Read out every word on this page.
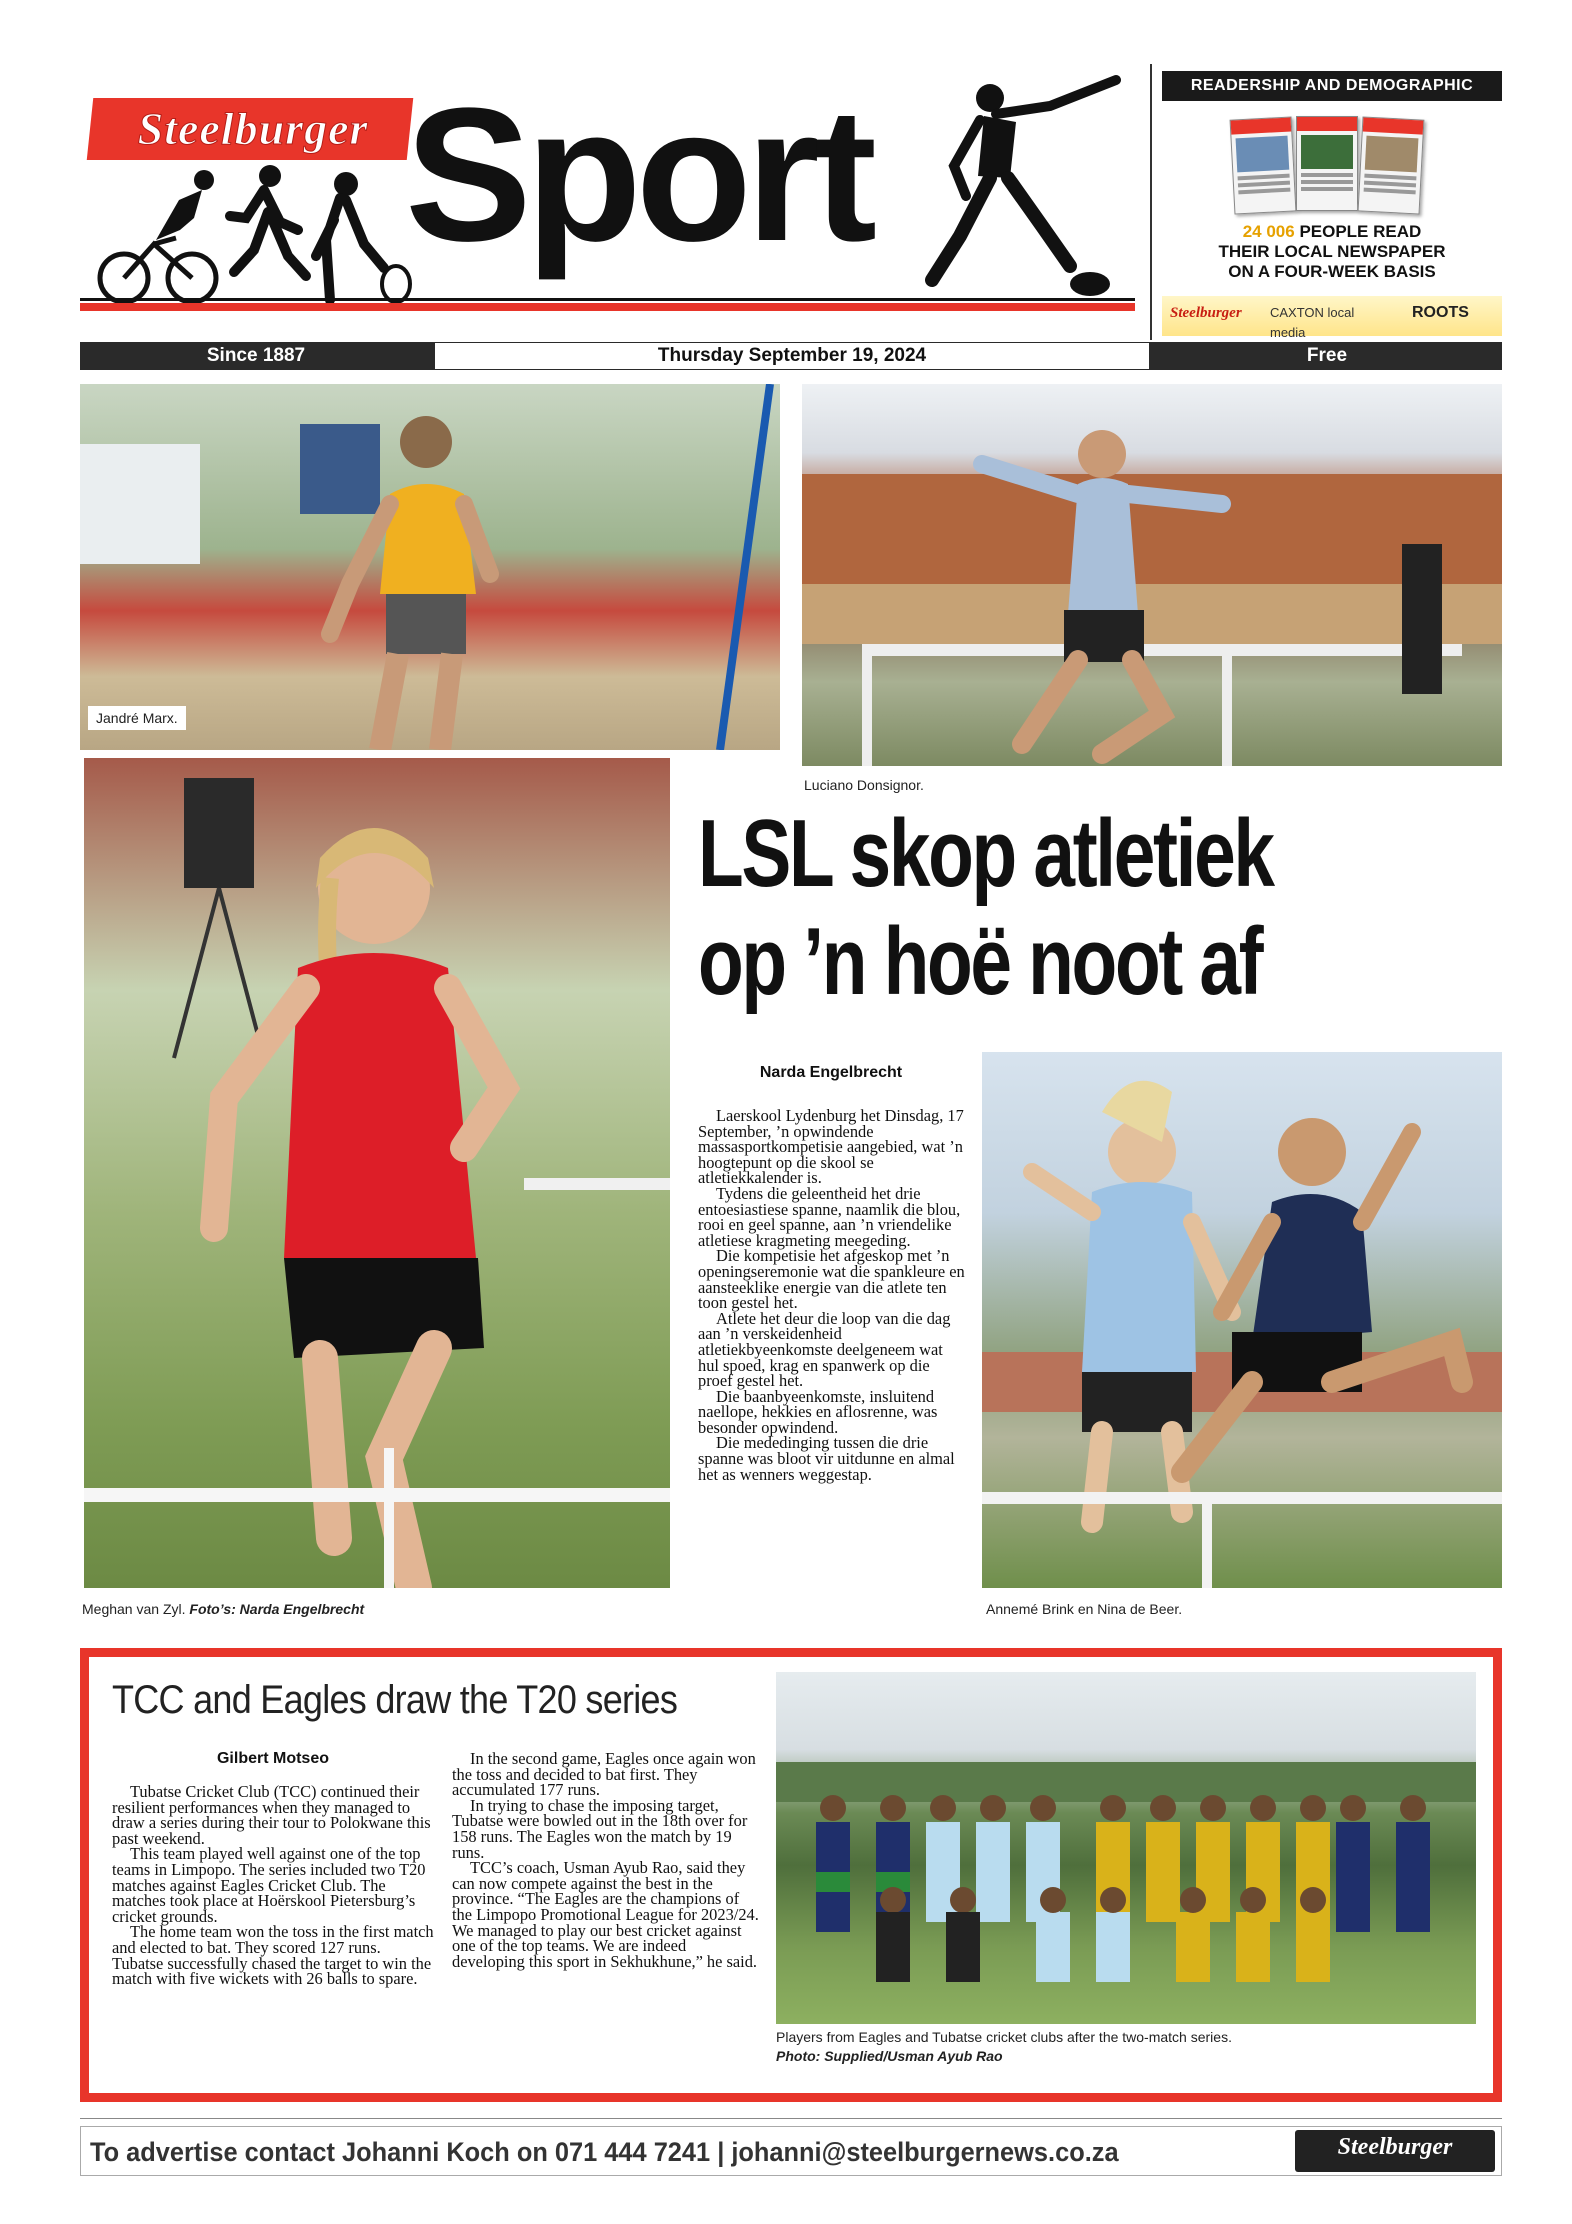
Steelburger Sport	READERSHIP AND DEMOGRAPHIC
24 006 PEOPLE READ
THEIR LOCAL NEWSPAPER
ON A FOUR-WEEK BASIS
Steelburger	CAXTON local media
ROOTS
Since 1887	Thursday September 19, 2024	Free
Jandré Marx.
Luciano Donsignor.
Meghan van Zyl. Foto’s: Narda Engelbrecht	Annemé Brink en Nina de Beer.
LSL skop atletiek
op ’n hoë noot af
Narda Engelbrecht

Laerskool Lydenburg het Dinsdag, 17 September, ’n opwindende massasportkompetisie aangebied, wat ’n hoogtepunt op die skool se atletiekkalender is.

Tydens die geleentheid het drie entoesiastiese spanne, naamlik die blou, rooi en geel spanne, aan ’n vriendelike atletiese kragmeting meegeding.

Die kompetisie het afgeskop met ’n openingseremonie wat die spankleure en aansteeklike energie van die atlete ten toon gestel het.

Atlete het deur die loop van die dag aan ’n verskeidenheid atletiekbyeenkomste deelgeneem wat hul spoed, krag en spanwerk op die proef gestel het.

Die baanbyeenkomste, insluitend naellope, hekkies en aflosrenne, was besonder opwindend.

Die mededinging tussen die drie spanne was bloot vir uitdunne en almal het as wenners weggestap.

TCC and Eagles draw the T20 series
Gilbert Motseo

Tubatse Cricket Club (TCC) continued their resilient performances when they managed to draw a series during their tour to Polokwane this past weekend.

This team played well against one of the top teams in Limpopo. The series included two T20 matches against Eagles Cricket Club. The matches took place at Hoërskool Pietersburg’s cricket grounds.

The home team won the toss in the first match and elected to bat. They scored 127 runs. Tubatse successfully chased the target to win the match with five wickets with 26 balls to spare.

In the second game, Eagles once again won the toss and decided to bat first. They accumulated 177 runs.

In trying to chase the imposing target, Tubatse were bowled out in the 18th over for 158 runs. The Eagles won the match by 19 runs.

TCC’s coach, Usman Ayub Rao, said they can now compete against the best in the province. “The Eagles are the champions of the Limpopo Promotional League for 2023/24. We managed to play our best cricket against one of the top teams. We are indeed developing this sport in Sekhukhune,” he said.

Players from Eagles and Tubatse cricket clubs after the two-match series.
Photo: Supplied/Usman Ayub Rao
To advertise contact Johanni Koch on 071 444 7241 | johanni@steelburgernews.co.za	Steelburger
